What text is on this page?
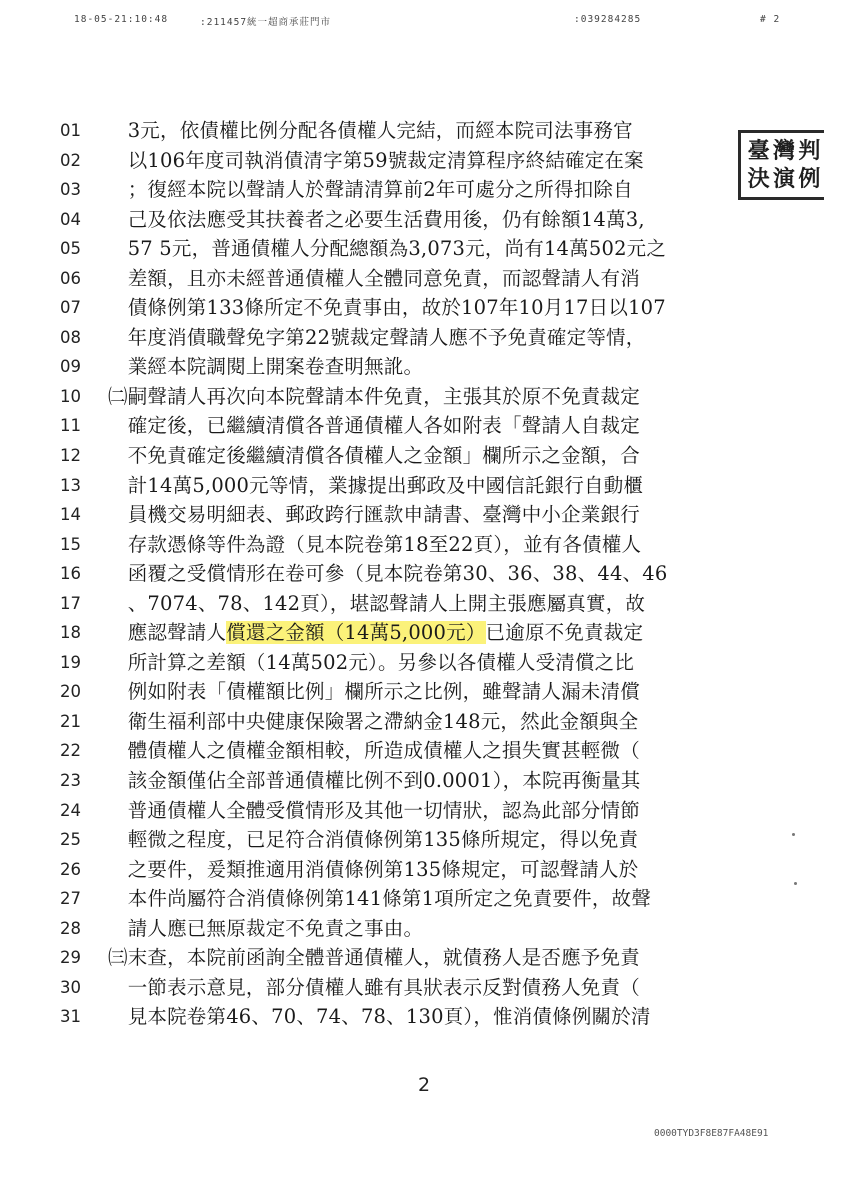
18-05-21:10:48	:211457統一超商承莊門市	:039284285	# 2
臺 灣 判
決 演 例
01 　3元，依債權比例分配各債權人完結，而經本院司法事務官
02 　以106年度司執消債清字第59號裁定清算程序終結確定在案
03 　；復經本院以聲請人於聲請清算前2年可處分之所得扣除自
04 　己及依法應受其扶養者之必要生活費用後，仍有餘額14萬3,
05 　57 5元，普通債權人分配總額為3,073元，尚有14萬502元之
06 　差額，且亦未經普通債權人全體同意免責，而認聲請人有消
07 　債條例第133條所定不免責事由，故於107年10月17日以107
08 　年度消債職聲免字第22號裁定聲請人應不予免責確定等情，
09 　業經本院調閱上開案卷查明無訛。
10 ㈡嗣聲請人再次向本院聲請本件免責，主張其於原不免責裁定
11 　確定後，已繼續清償各普通債權人各如附表「聲請人自裁定
12 　不免責確定後繼續清償各債權人之金額」欄所示之金額，合
13 　計14萬5,000元等情，業據提出郵政及中國信託銀行自動櫃
14 　員機交易明細表、郵政跨行匯款申請書、臺灣中小企業銀行
15 　存款憑條等件為證（見本院卷第18至22頁），並有各債權人
16 　函覆之受償情形在卷可參（見本院卷第30、36、38、44、46
17 　、7074、78、142頁），堪認聲請人上開主張應屬真實，故
18 　應認聲請人償還之金額（14萬5,000元）已逾原不免責裁定
19 　所計算之差額（14萬502元）。另參以各債權人受清償之比
20 　例如附表「債權額比例」欄所示之比例，雖聲請人漏未清償
21 　衛生福利部中央健康保險署之滯納金148元，然此金額與全
22 　體債權人之債權金額相較，所造成債權人之損失實甚輕微（
23 　該金額僅佔全部普通債權比例不到0.0001），本院再衡量其
24 　普通債權人全體受償情形及其他一切情狀，認為此部分情節
25 　輕微之程度，已足符合消債條例第135條所規定，得以免責
26 　之要件，爰類推適用消債條例第135條規定，可認聲請人於
27 　本件尚屬符合消債條例第141條第1項所定之免責要件，故聲
28 　請人應已無原裁定不免責之事由。
29 ㈢末查，本院前函詢全體普通債權人，就債務人是否應予免責
30 　一節表示意見，部分債權人雖有具狀表示反對債務人免責（
31 　見本院卷第46、70、74、78、130頁），惟消債條例關於清
2
0000TYD3F8E87FA48E91
